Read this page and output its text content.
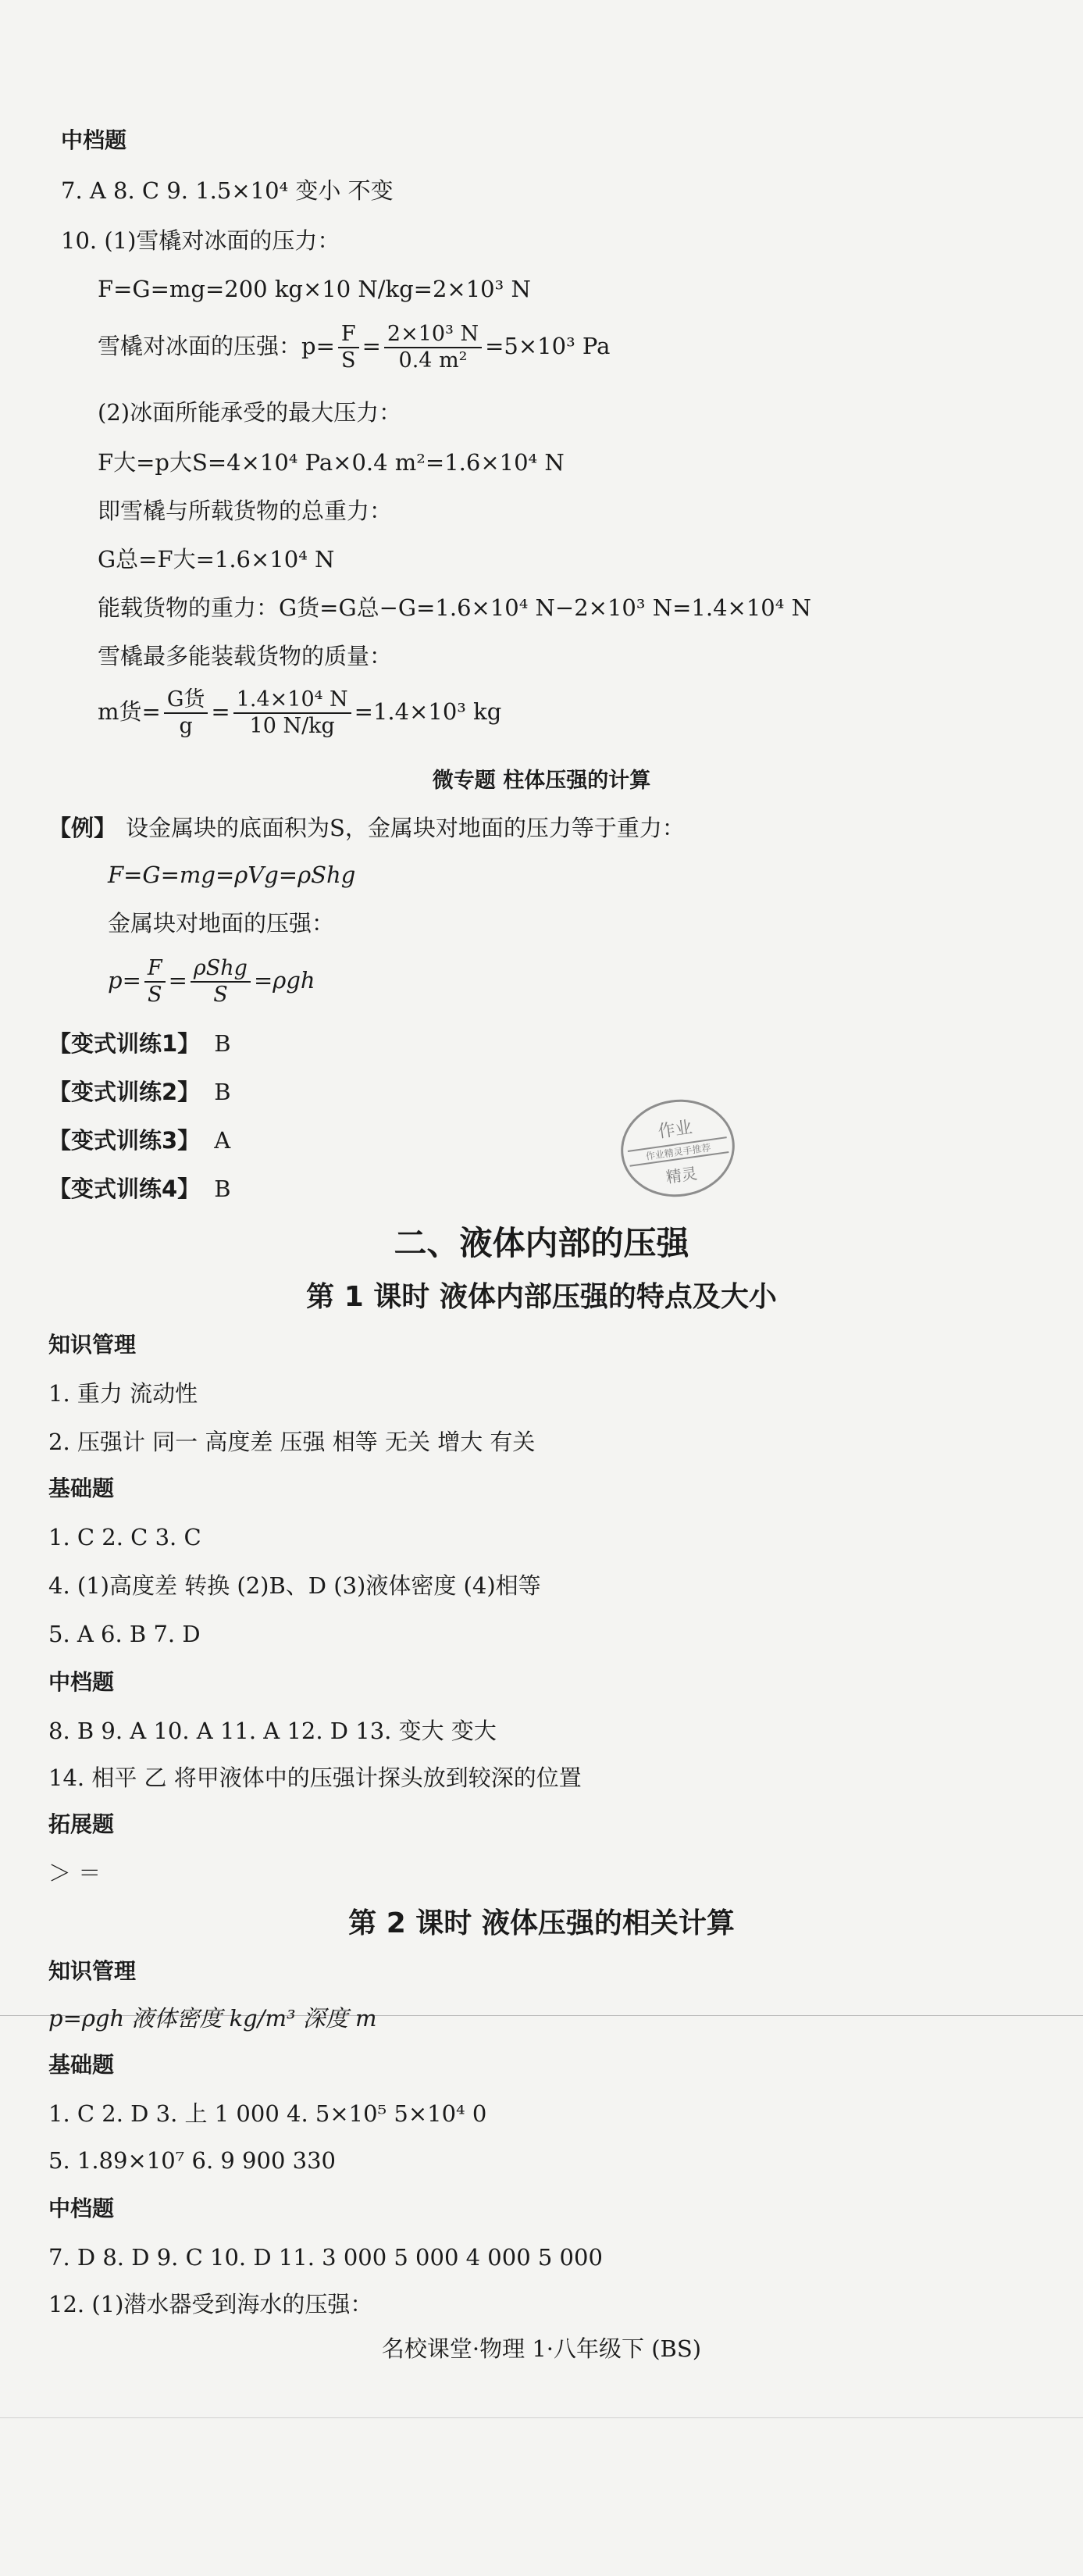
中档题
7. A 8. C 9. 1.5×10⁴ 变小 不变
10. (1)雪橇对冰面的压力：
F=G=mg=200 kg×10 N/kg=2×10³ N
雪橇对冰面的压强：$p= \frac{F}{S} = \frac{\text{2×10³ N}}{\text{0.4 m²}} =5\times 10^3$ Pa
(2)冰面所能承受的最大压力：
F大=p大S=4×10⁴ Pa×0.4 m²=1.6×10⁴ N
即雪橇与所载货物的总重力：
G总=F大=1.6×10⁴ N
能载货物的重力：G货=G总−G=1.6×10⁴ N−2×10³ N=1.4×10⁴ N
雪橇最多能装载货物的质量：
m货= $\frac{\text{G货}}{g} = \frac{\text{1.4×10⁴ N}}{10 N/kg} =1.4\times 10^3$ kg
微专题 柱体压强的计算
【例】 设金属块的底面积为S，金属块对地面的压力等于重力：
F=G=mg=ρVg=ρShg
金属块对地面的压强：
$p= \frac{F}{S} = \frac{\text{ρShg}}{S} =\rho gh$
【变式训练1】 B
【变式训练2】 B
【变式训练3】 A
【变式训练4】 B
作业
作业精灵手推荐
精灵
二、液体内部的压强
第 1 课时 液体内部压强的特点及大小
知识管理
1. 重力 流动性
2. 压强计 同一 高度差 压强 相等 无关 增大 有关
基础题
1. C 2. C 3. C
4. (1)高度差 转换 (2)B、D (3)液体密度 (4)相等
5. A 6. B 7. D
中档题
8. B 9. A 10. A 11. A 12. D 13. 变大 变大
14. 相平 乙 将甲液体中的压强计探头放到较深的位置
拓展题
＞ ＝
第 2 课时 液体压强的相关计算
知识管理
p=ρgh 液体密度 kg/m³ 深度 m
基础题
1. C 2. D 3. 上 1 000 4. 5×10⁵ 5×10⁴ 0
5. 1.89×10⁷ 6. 9 900 330
中档题
7. D 8. D 9. C 10. D 11. 3 000 5 000 4 000 5 000
12. (1)潜水器受到海水的压强：
名校课堂·物理 1·八年级下 (BS)
